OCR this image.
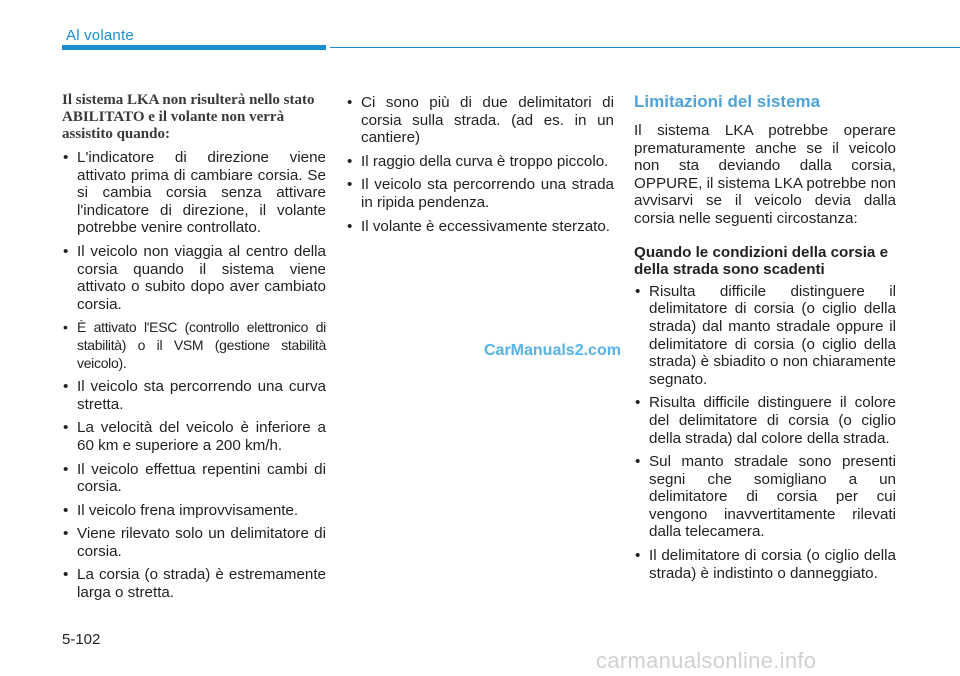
Al volante

Il sistema LKA non risulterà nello stato ABILITATO e il volante non verrà assistito quando:

• L'indicatore di direzione viene attivato prima di cambiare corsia. Se si cambia corsia senza attivare l'indicatore di direzione, il volante potrebbe venire controllato.
• Il veicolo non viaggia al centro della corsia quando il sistema viene attivato o subito dopo aver cambiato corsia.
• È attivato l'ESC (controllo elettronico di stabilità) o il VSM (gestione stabilità veicolo).
• Il veicolo sta percorrendo una curva stretta.
• La velocità del veicolo è inferiore a 60 km e superiore a 200 km/h.
• Il veicolo effettua repentini cambi di corsia.
• Il veicolo frena improvvisamente.
• Viene rilevato solo un delimitatore di corsia.
• La corsia (o strada) è estremamente larga o stretta.
• Ci sono più di due delimitatori di corsia sulla strada. (ad es. in un cantiere)
• Il raggio della curva è troppo piccolo.
• Il veicolo sta percorrendo una strada in ripida pendenza.
• Il volante è eccessivamente sterzato.

Limitazioni del sistema

Il sistema LKA potrebbe operare prematuramente anche se il veicolo non sta deviando dalla corsia, OPPURE, il sistema LKA potrebbe non avvisarvi se il veicolo devia dalla corsia nelle seguenti circostanza:

Quando le condizioni della corsia e della strada sono scadenti

• Risulta difficile distinguere il delimitatore di corsia (o ciglio della strada) dal manto stradale oppure il delimitatore di corsia (o ciglio della strada) è sbiadito o non chiaramente segnato.
• Risulta difficile distinguere il colore del delimitatore di corsia (o ciglio della strada) dal colore della strada.
• Sul manto stradale sono presenti segni che somigliano a un delimitatore di corsia per cui vengono inavvertitamente rilevati dalla telecamera.
• Il delimitatore di corsia (o ciglio della strada) è indistinto o danneggiato.
CarManuals2.com
5-102
carmanualsonline.info
